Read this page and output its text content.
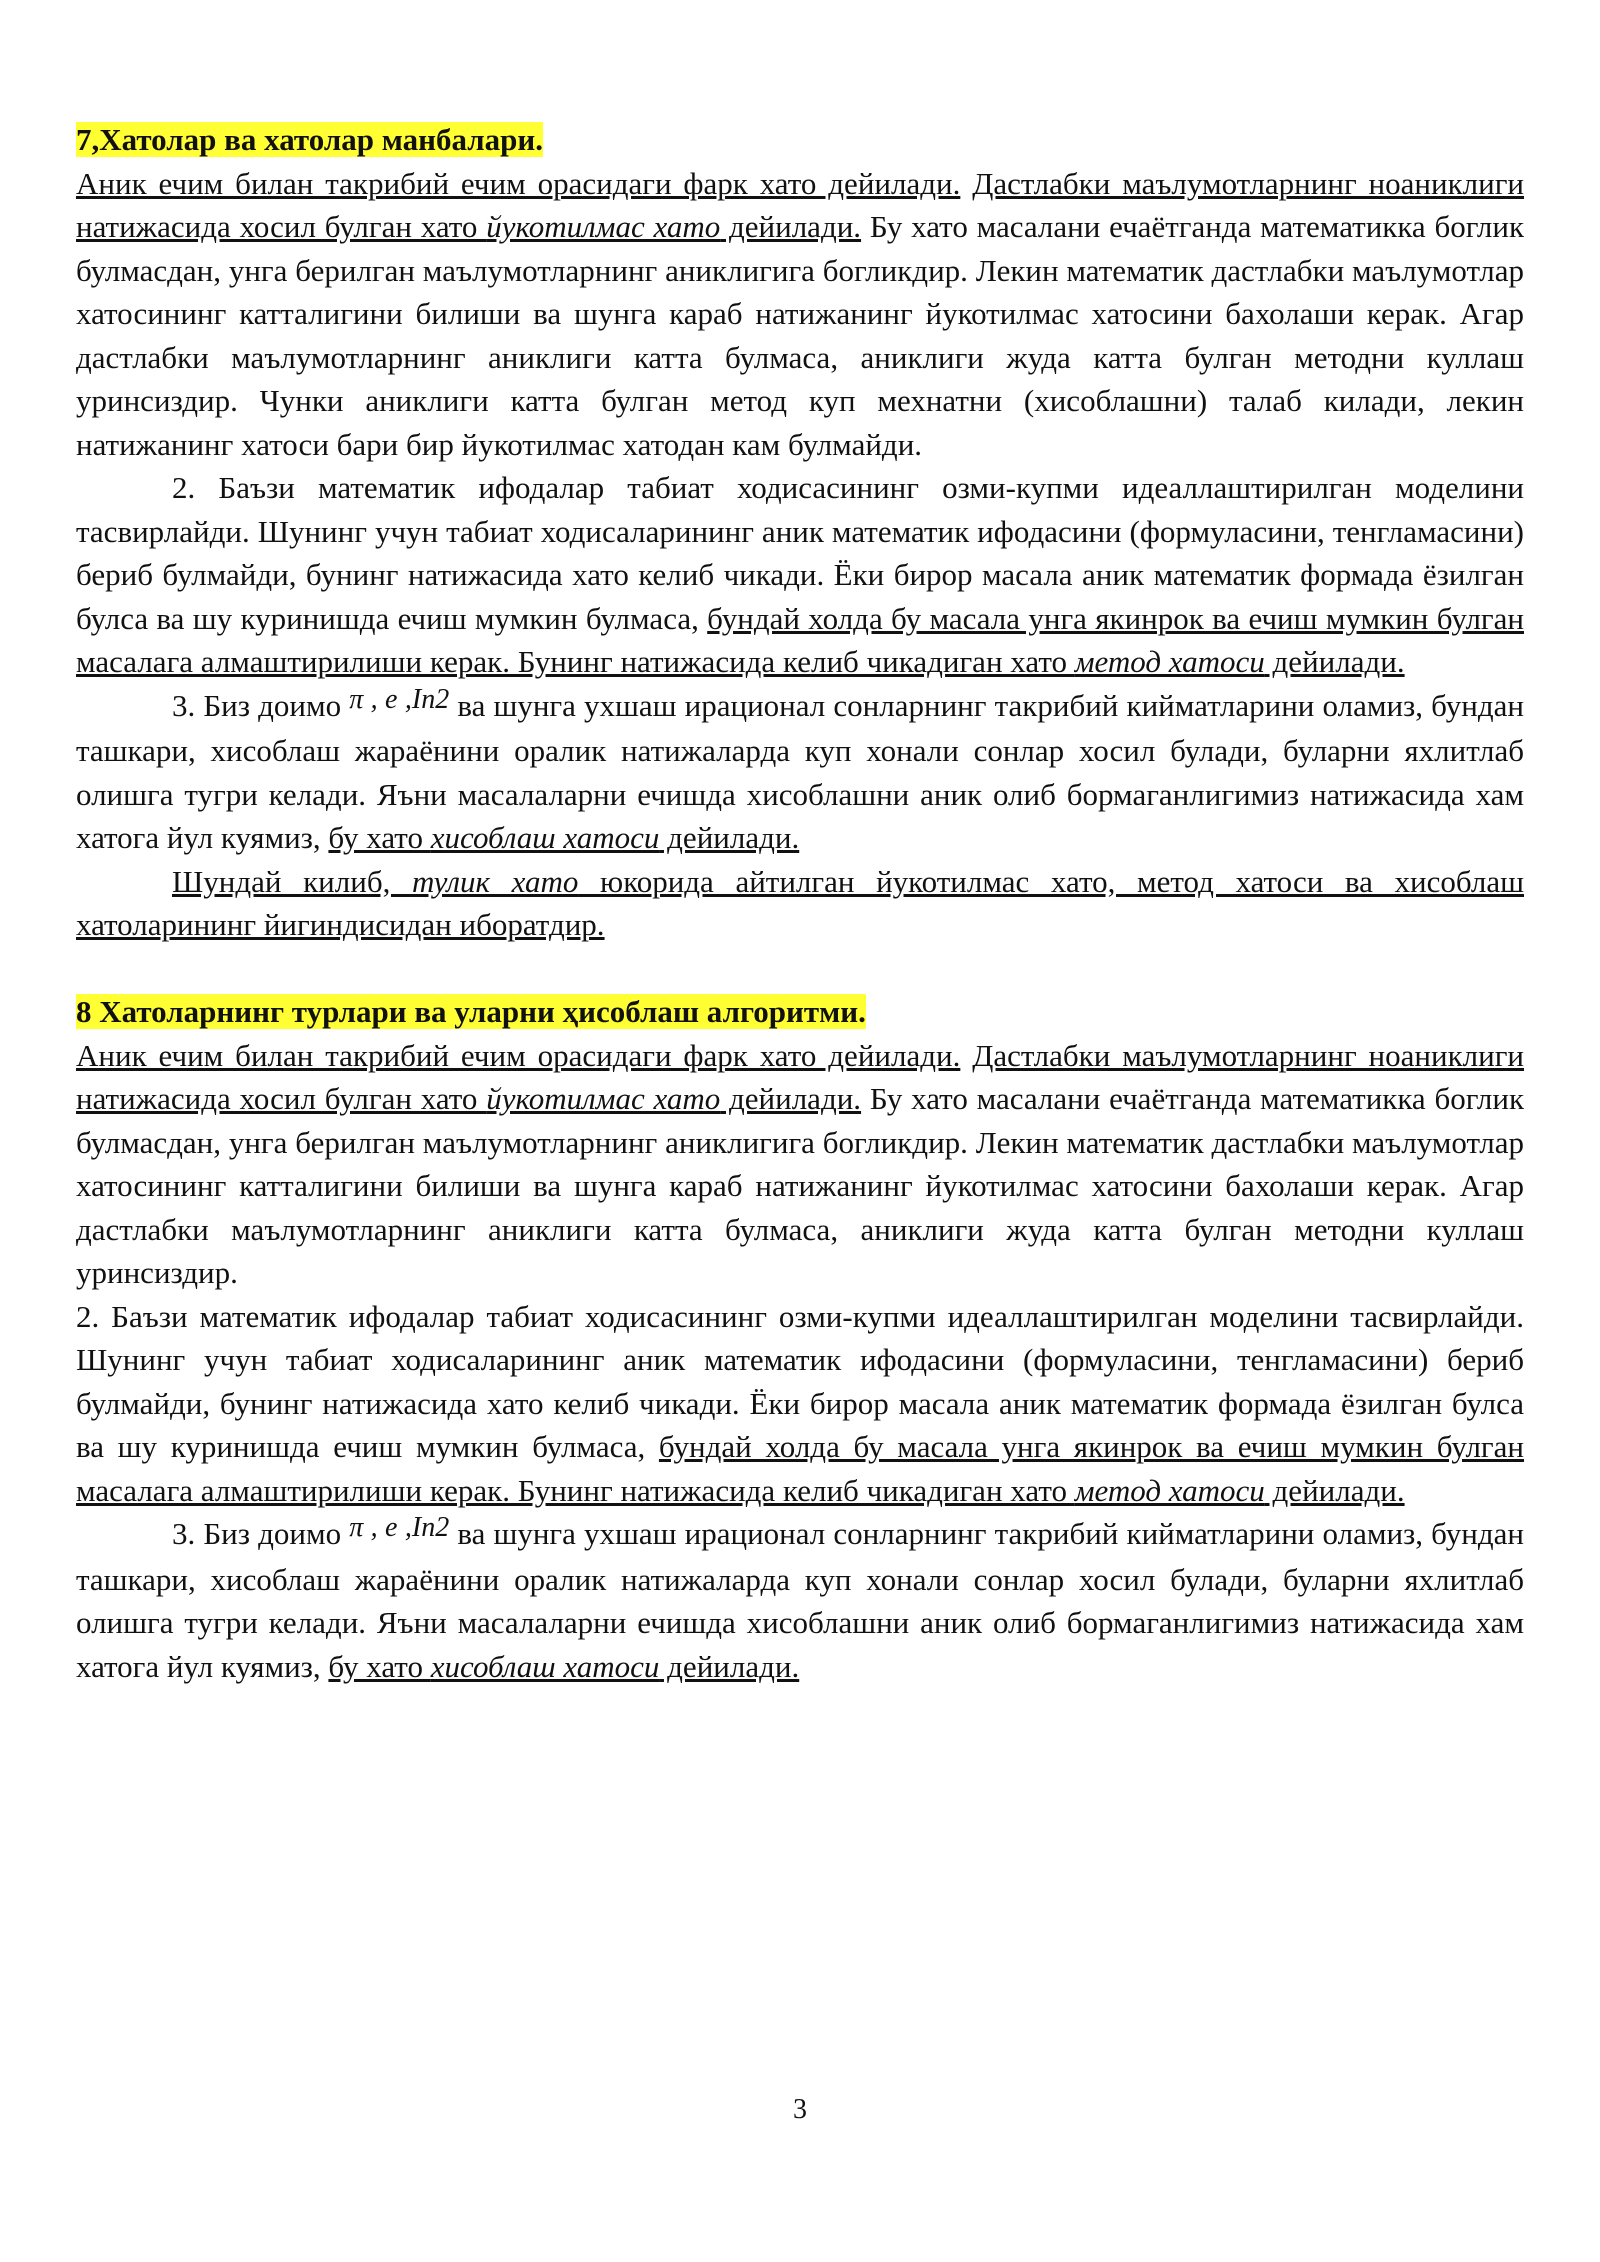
7,Хатолар ва хатолар манбалари.

Аник ечим билан такрибий ечим орасидаги фарк хато дейилади. Дастлабки маълумотларнинг ноаниклиги натижасида хосил булган хато йукотилмас хато дейилади. Бу хато масалани ечаётганда математикка боглик булмасдан, унга берилган маълумотларнинг аниклигига богликдир. Лекин математик дастлабки маълумотлар хатосининг катталигини билиши ва шунга караб натижанинг йукотилмас хатосини бахолаши керак. Агар дастлабки маълумотларнинг аниклиги катта булмаса, аниклиги жуда катта булган методни куллаш уринсиздир. Чунки аниклиги катта булган метод куп мехнатни (хисоблашни) талаб килади, лекин натижанинг хатоси бари бир йукотилмас хатодан кам булмайди.

2. Баъзи математик ифодалар табиат ходисасининг озми-купми идеаллаштирилган моделини тасвирлайди. Шунинг учун табиат ходисаларининг аник математик ифодасини (формуласини, тенгламасини) бериб булмайди, бунинг натижасида хато келиб чикади. Ёки бирор масала аник математик формада ёзилган булса ва шу куринишда ечиш мумкин булмаса, бундай холда бу масала унга якинрок ва ечиш мумкин булган масалага алмаштирилиши керак. Бунинг натижасида келиб чикадиган хато метод хатоси дейилади.

3. Биз доимо π , e ,In2 ва шунга ухшаш ирационал сонларнинг такрибий кийматларини оламиз, бундан ташкари, хисоблаш жараёнини оралик натижаларда куп хонали сонлар хосил булади, буларни яхлитлаб олишга тугри келади. Яъни масалаларни ечишда хисоблашни аник олиб бормаганлигимиз натижасида хам хатога йул куямиз, бу хато хисоблаш хатоси дейилади.

Шундай килиб, тулик хато юкорида айтилган йукотилмас хато, метод хатоси ва хисоблаш хатоларининг йигиндисидан иборатдир.

8 Хатоларнинг турлари ва уларни ҳисоблаш алгоритми.

Аник ечим билан такрибий ечим орасидаги фарк хато дейилади. Дастлабки маълумотларнинг ноаниклиги натижасида хосил булган хато йукотилмас хато дейилади. Бу хато масалани ечаётганда математикка боглик булмасдан, унга берилган маълумотларнинг аниклигига богликдир. Лекин математик дастлабки маълумотлар хатосининг катталигини билиши ва шунга караб натижанинг йукотилмас хатосини бахолаши керак. Агар дастлабки маълумотларнинг аниклиги катта булмаса, аниклиги жуда катта булган методни куллаш уринсиздир.

2. Баъзи математик ифодалар табиат ходисасининг озми-купми идеаллаштирилган моделини тасвирлайди. Шунинг учун табиат ходисаларининг аник математик ифодасини (формуласини, тенгламасини) бериб булмайди, бунинг натижасида хато келиб чикади. Ёки бирор масала аник математик формада ёзилган булса ва шу куринишда ечиш мумкин булмаса, бундай холда бу масала унга якинрок ва ечиш мумкин булган масалага алмаштирилиши керак. Бунинг натижасида келиб чикадиган хато метод хатоси дейилади.

3. Биз доимо π , e ,In2 ва шунга ухшаш ирационал сонларнинг такрибий кийматларини оламиз, бундан ташкари, хисоблаш жараёнини оралик натижаларда куп хонали сонлар хосил булади, буларни яхлитлаб олишга тугри келади. Яъни масалаларни ечишда хисоблашни аник олиб бормаганлигимиз натижасида хам хатога йул куямиз, бу хато хисоблаш хатоси дейилади.

3
